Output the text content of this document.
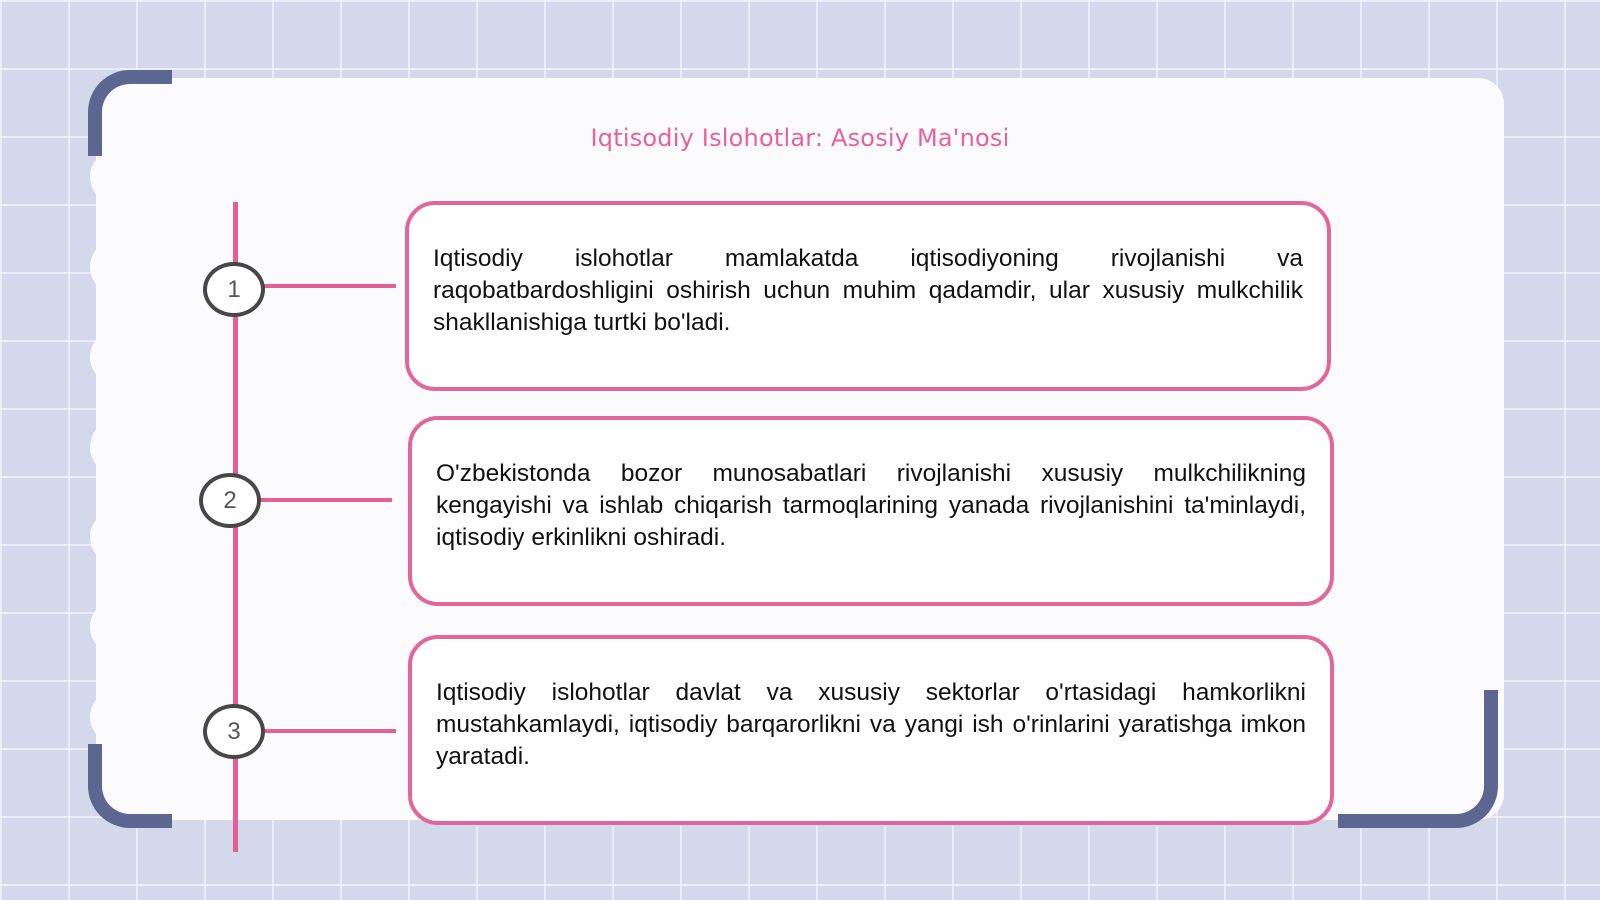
Iqtisodiy Islohotlar: Asosiy Ma'nosi
1
2
3

Iqtisodiy islohotlar mamlakatda iqtisodiyoning rivojlanishi va raqobatbardoshligini oshirish uchun muhim qadamdir, ular xususiy mulkchilik shakllanishiga turtki bo'ladi.

O'zbekistonda bozor munosabatlari rivojlanishi xususiy mulkchilikning kengayishi va ishlab chiqarish tarmoqlarining yanada rivojlanishini ta'minlaydi, iqtisodiy erkinlikni oshiradi.

Iqtisodiy islohotlar davlat va xususiy sektorlar o'rtasidagi hamkorlikni mustahkamlaydi, iqtisodiy barqarorlikni va yangi ish o'rinlarini yaratishga imkon yaratadi.
